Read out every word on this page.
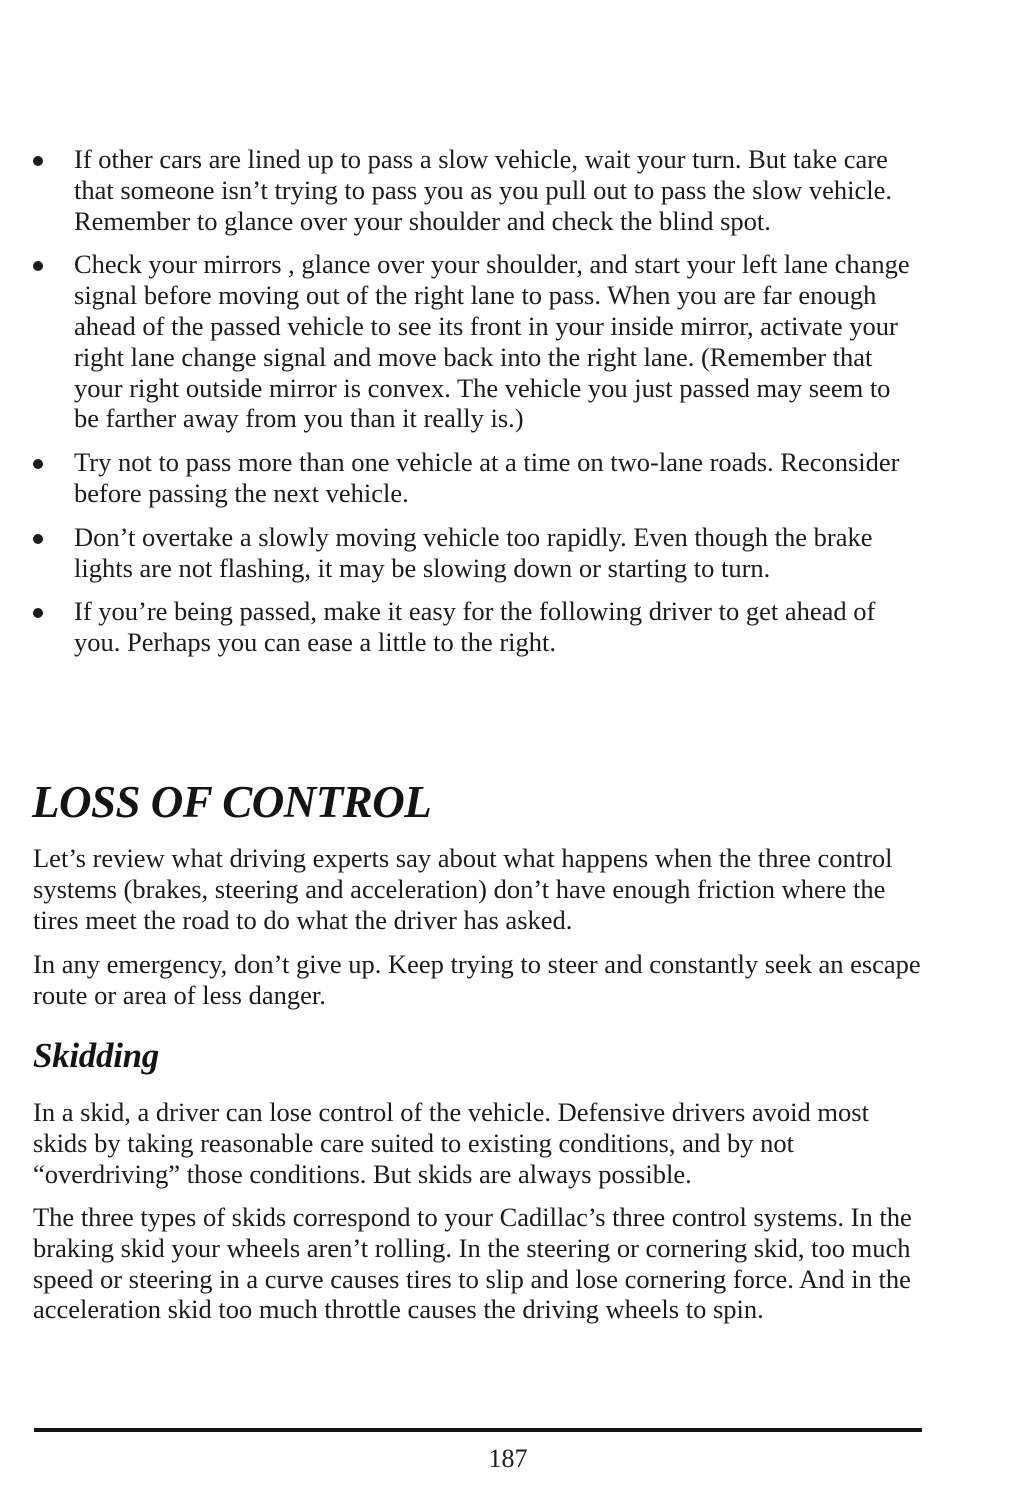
If other cars are lined up to pass a slow vehicle, wait your turn. But take care that someone isn’t trying to pass you as you pull out to pass the slow vehicle. Remember to glance over your shoulder and check the blind spot.
Check your mirrors , glance over your shoulder, and start your left lane change signal before moving out of the right lane to pass. When you are far enough ahead of the passed vehicle to see its front in your inside mirror, activate your right lane change signal and move back into the right lane. (Remember that your right outside mirror is convex. The vehicle you just passed may seem to be farther away from you than it really is.)
Try not to pass more than one vehicle at a time on two-lane roads. Reconsider before passing the next vehicle.
Don’t overtake a slowly moving vehicle too rapidly. Even though the brake lights are not flashing, it may be slowing down or starting to turn.
If you’re being passed, make it easy for the following driver to get ahead of you. Perhaps you can ease a little to the right.
LOSS OF CONTROL

Let’s review what driving experts say about what happens when the three control systems (brakes, steering and acceleration) don’t have enough friction where the tires meet the road to do what the driver has asked.

In any emergency, don’t give up. Keep trying to steer and constantly seek an escape route or area of less danger.

Skidding

In a skid, a driver can lose control of the vehicle. Defensive drivers avoid most skids by taking reasonable care suited to existing conditions, and by not “overdriving” those conditions. But skids are always possible.

The three types of skids correspond to your Cadillac’s three control systems. In the braking skid your wheels aren’t rolling. In the steering or cornering skid, too much speed or steering in a curve causes tires to slip and lose cornering force. And in the acceleration skid too much throttle causes the driving wheels to spin.

187
